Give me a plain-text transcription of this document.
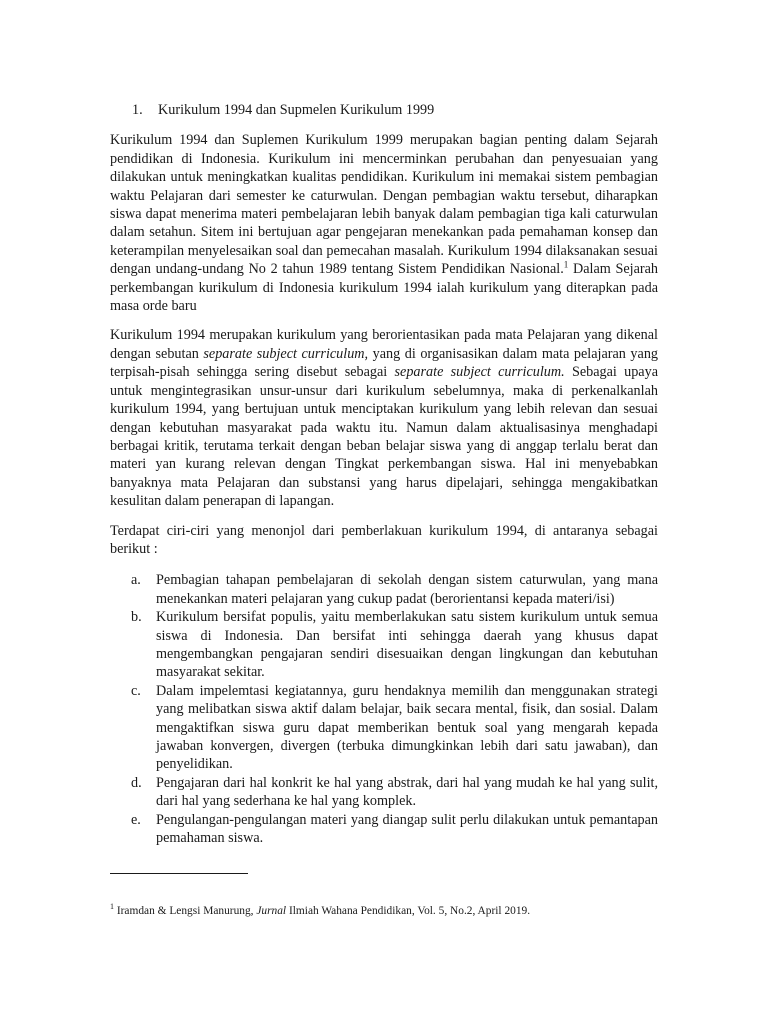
1. Kurikulum 1994 dan Supmelen Kurikulum 1999

Kurikulum 1994 dan Suplemen Kurikulum 1999 merupakan bagian penting dalam Sejarah pendidikan di Indonesia. Kurikulum ini mencerminkan perubahan dan penyesuaian yang dilakukan untuk meningkatkan kualitas pendidikan. Kurikulum ini memakai sistem pembagian waktu Pelajaran dari semester ke caturwulan. Dengan pembagian waktu tersebut, diharapkan siswa dapat menerima materi pembelajaran lebih banyak dalam pembagian tiga kali caturwulan dalam setahun. Sitem ini bertujuan agar pengejaran menekankan pada pemahaman konsep dan keterampilan menyelesaikan soal dan pemecahan masalah. Kurikulum 1994 dilaksanakan sesuai dengan undang-undang No 2 tahun 1989 tentang Sistem Pendidikan Nasional.$^1$ Dalam Sejarah perkembangan kurikulum di Indonesia kurikulum 1994 ialah kurikulum yang diterapkan pada masa orde baru

Kurikulum 1994 merupakan kurikulum yang berorientasikan pada mata Pelajaran yang dikenal dengan sebutan separate subject curriculum, yang di organisasikan dalam mata pelajaran yang terpisah-pisah sehingga sering disebut sebagai separate subject curriculum. Sebagai upaya untuk mengintegrasikan unsur-unsur dari kurikulum sebelumnya, maka di perkenalkanlah kurikulum 1994, yang bertujuan untuk menciptakan kurikulum yang lebih relevan dan sesuai dengan kebutuhan masyarakat pada waktu itu. Namun dalam aktualisasinya menghadapi berbagai kritik, terutama terkait dengan beban belajar siswa yang di anggap terlalu berat dan materi yan kurang relevan dengan Tingkat perkembangan siswa. Hal ini menyebabkan banyaknya mata Pelajaran dan substansi yang harus dipelajari, sehingga mengakibatkan kesulitan dalam penerapan di lapangan.

Terdapat ciri-ciri yang menonjol dari pemberlakuan kurikulum 1994, di antaranya sebagai berikut :

a. Pembagian tahapan pembelajaran di sekolah dengan sistem caturwulan, yang mana menekankan materi pelajaran yang cukup padat (berorientansi kepada materi/isi)
b. Kurikulum bersifat populis, yaitu memberlakukan satu sistem kurikulum untuk semua siswa di Indonesia. Dan bersifat inti sehingga daerah yang khusus dapat mengembangkan pengajaran sendiri disesuaikan dengan lingkungan dan kebutuhan masyarakat sekitar.
c. Dalam impelemtasi kegiatannya, guru hendaknya memilih dan menggunakan strategi yang melibatkan siswa aktif dalam belajar, baik secara mental, fisik, dan sosial. Dalam mengaktifkan siswa guru dapat memberikan bentuk soal yang mengarah kepada jawaban konvergen, divergen (terbuka dimungkinkan lebih dari satu jawaban), dan penyelidikan.
d. Pengajaran dari hal konkrit ke hal yang abstrak, dari hal yang mudah ke hal yang sulit, dari hal yang sederhana ke hal yang komplek.
e. Pengulangan-pengulangan materi yang diangap sulit perlu dilakukan untuk pemantapan pemahaman siswa.
$^1$ Iramdan & Lengsi Manurung, Jurnal Ilmiah Wahana Pendidikan, Vol. 5, No.2, April 2019.
